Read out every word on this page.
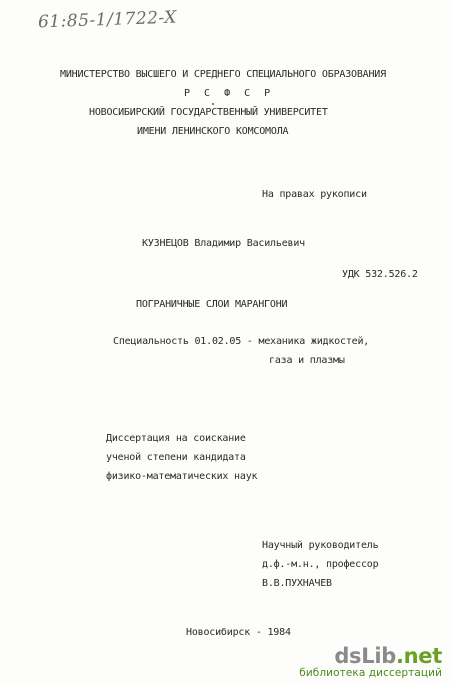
61:85-1/1722-X
МИНИСТЕРСТВО ВЫСШЕГО И СРЕДНЕГО СПЕЦИАЛЬНОГО ОБРАЗОВАНИЯ
Р С Ф С Р
НОВОСИБИРСКИЙ ГОСУДАРСТВЕННЫЙ УНИВЕРСИТЕТ
ИМЕНИ ЛЕНИНСКОГО КОМСОМОЛА
На правах рукописи
КУЗНЕЦОВ Владимир Васильевич
УДК 532.526.2
ПОГРАНИЧНЫЕ СЛОИ МАРАНГОНИ
Специальность 01.02.05 - механика жидкостей,
газа и плазмы
Диссертация на соискание
ученой степени кандидата
физико-математических наук
Научный руководитель
д.ф.-м.н., профессор
В.В.ПУХНАЧЕВ
Новосибирск - 1984
dsLib.net
библиотека диссертаций
